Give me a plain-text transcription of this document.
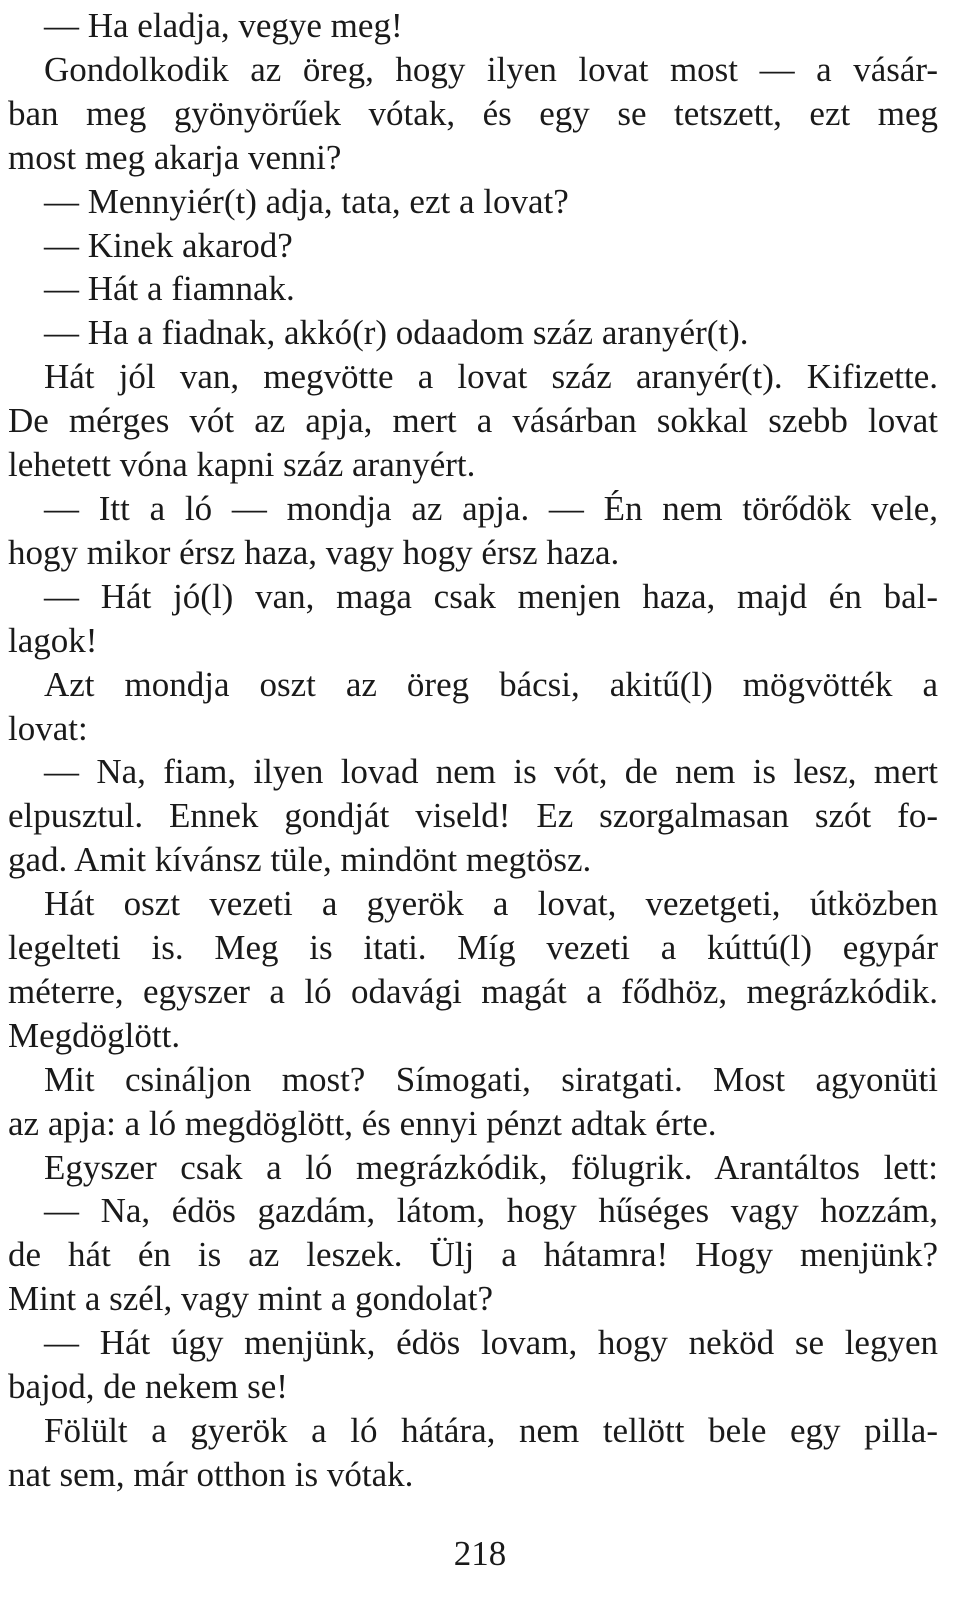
— Ha eladja, vegye meg!
Gondolkodik az öreg, hogy ilyen lovat most — a vásár-
ban meg gyönyörűek vótak, és egy se tetszett, ezt meg
most meg akarja venni?
— Mennyiér(t) adja, tata, ezt a lovat?
— Kinek akarod?
— Hát a fiamnak.
— Ha a fiadnak, akkó(r) odaadom száz aranyér(t).
Hát jól van, megvötte a lovat száz aranyér(t). Kifizette.
De mérges vót az apja, mert a vásárban sokkal szebb lovat
lehetett vóna kapni száz aranyért.
— Itt a ló — mondja az apja. — Én nem törődök vele,
hogy mikor érsz haza, vagy hogy érsz haza.
— Hát jó(l) van, maga csak menjen haza, majd én bal-
lagok!
Azt mondja oszt az öreg bácsi, akitű(l) mögvötték a
lovat:
— Na, fiam, ilyen lovad nem is vót, de nem is lesz, mert
elpusztul. Ennek gondját viseld! Ez szorgalmasan szót fo-
gad. Amit kívánsz tüle, mindönt megtösz.
Hát oszt vezeti a gyerök a lovat, vezetgeti, útközben
legelteti is. Meg is itati. Míg vezeti a kúttú(l) egypár
méterre, egyszer a ló odavági magát a fődhöz, megrázkódik.
Megdöglött.
Mit csináljon most? Símogati, siratgati. Most agyonüti
az apja: a ló megdöglött, és ennyi pénzt adtak érte.
Egyszer csak a ló megrázkódik, fölugrik. Arantáltos lett:
— Na, édös gazdám, látom, hogy hűséges vagy hozzám,
de hát én is az leszek. Ülj a hátamra! Hogy menjünk?
Mint a szél, vagy mint a gondolat?
— Hát úgy menjünk, édös lovam, hogy neköd se legyen
bajod, de nekem se!
Fölült a gyerök a ló hátára, nem tellött bele egy pilla-
nat sem, már otthon is vótak.
218
